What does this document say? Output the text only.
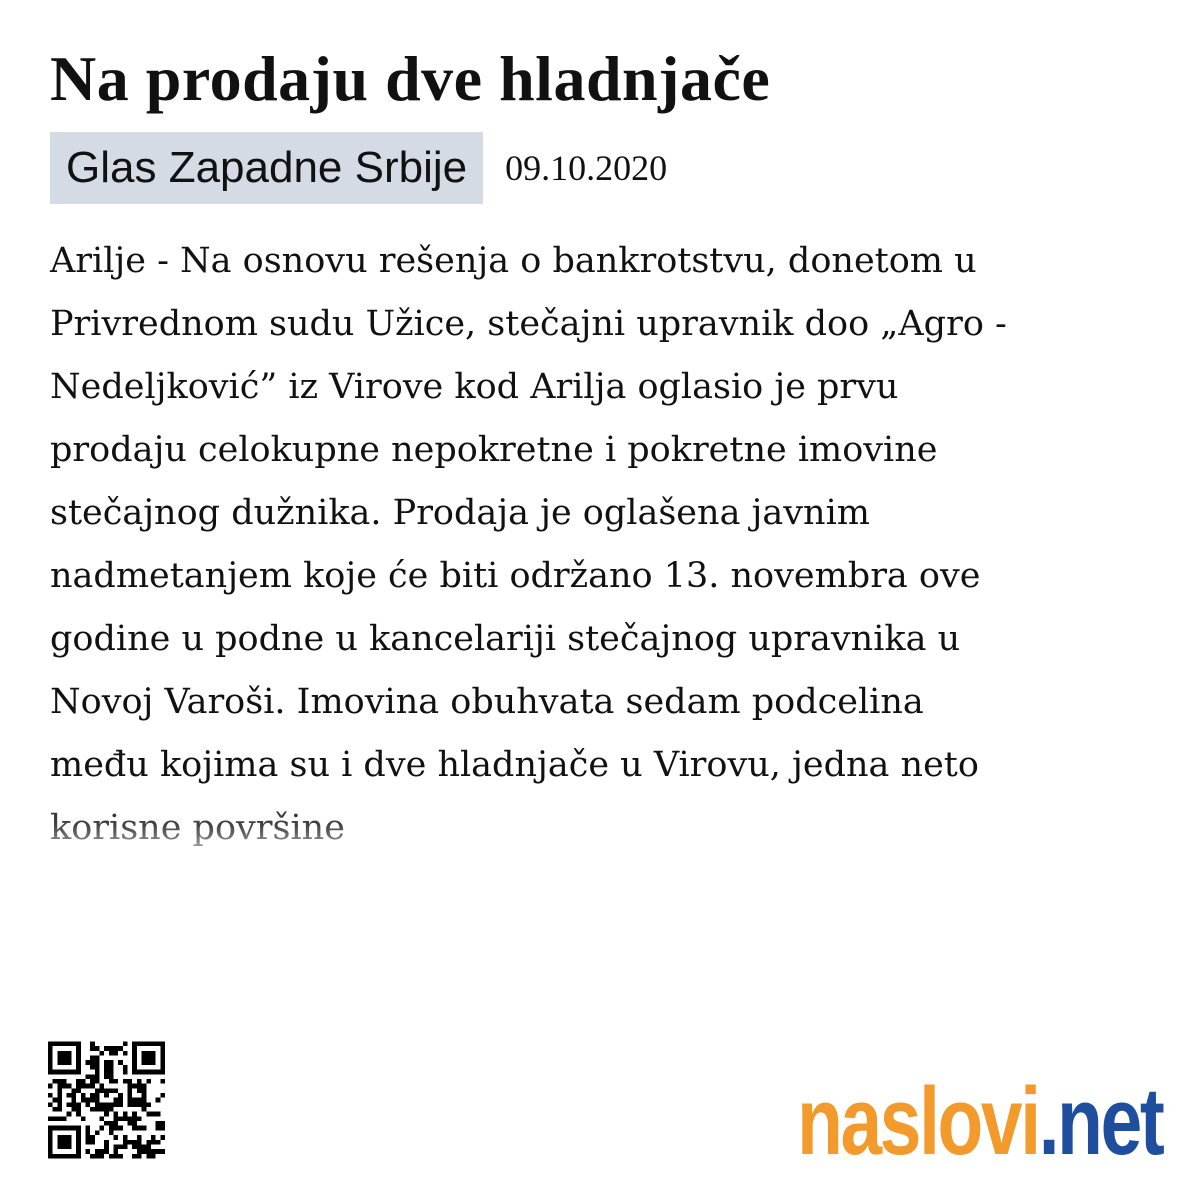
Na prodaju dve hladnjače
Glas Zapadne Srbije 09.10.2020
Arilje - Na osnovu rešenja o bankrotstvu, donetom u
Privrednom sudu Užice, stečajni upravnik doo „Agro -
Nedeljković” iz Virove kod Arilja oglasio je prvu
prodaju celokupne nepokretne i pokretne imovine
stečajnog dužnika. Prodaja je oglašena javnim
nadmetanjem koje će biti održano 13. novembra ove
godine u podne u kancelariji stečajnog upravnika u
Novoj Varoši. Imovina obuhvata sedam podcelina
među kojima su i dve hladnjače u Virovu, jedna neto
korisne površine
naslovi .net
